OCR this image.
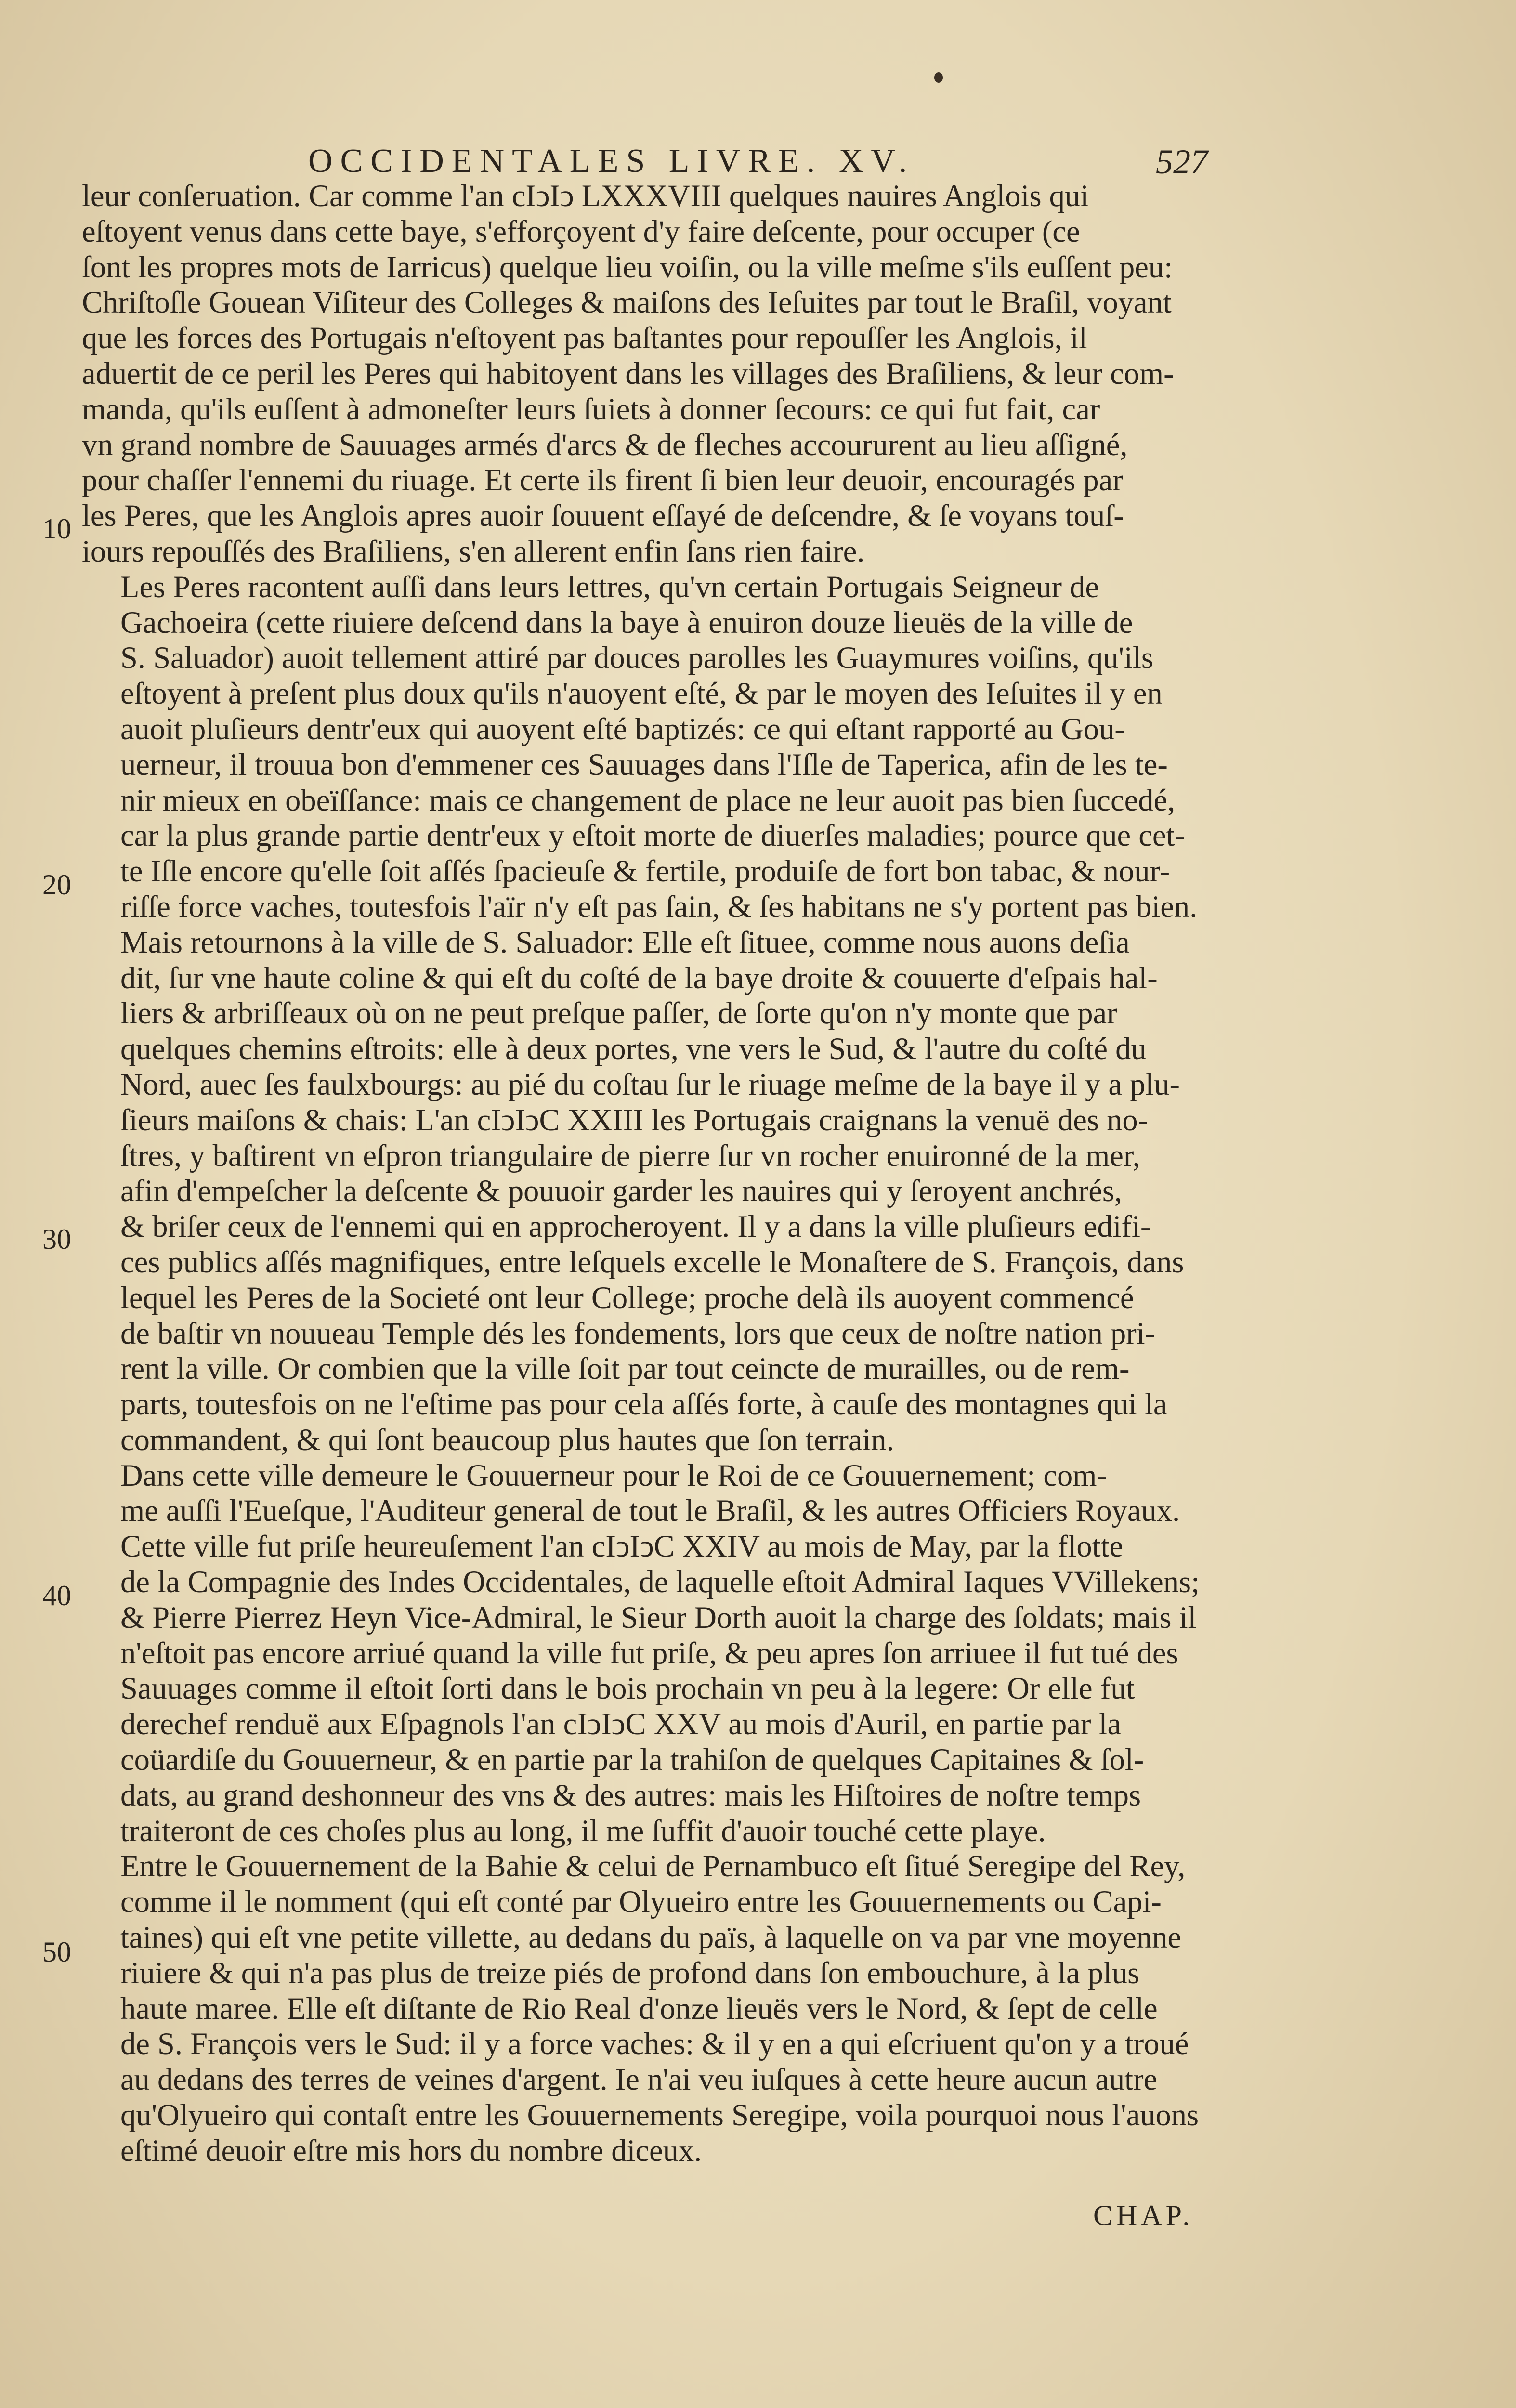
OCCIDENTALES LIVRE. XV.	527
10
20
30
40
50

leur conſeruation. Car comme l'an cIↄIↄ LXXXVIII quelques nauires Anglois qui
eſtoyent venus dans cette baye, s'efforçoyent d'y faire deſcente, pour occuper (ce
ſont les propres mots de Iarricus) quelque lieu voiſin, ou la ville meſme s'ils euſſent peu:
Chriſtoſle Gouean Viſiteur des Colleges & maiſons des Ieſuites par tout le Braſil, voyant
que les forces des Portugais n'eſtoyent pas baſtantes pour repouſſer les Anglois, il
aduertit de ce peril les Peres qui habitoyent dans les villages des Braſiliens, & leur com-
manda, qu'ils euſſent à admoneſter leurs ſuiets à donner ſecours: ce qui fut fait, car
vn grand nombre de Sauuages armés d'arcs & de fleches accoururent au lieu aſſigné,
pour chaſſer l'ennemi du riuage. Et certe ils firent ſi bien leur deuoir, encouragés par
les Peres, que les Anglois apres auoir ſouuent eſſayé de deſcendre, & ſe voyans touſ-
iours repouſſés des Braſiliens, s'en allerent enfin ſans rien faire.

Les Peres racontent auſſi dans leurs lettres, qu'vn certain Portugais Seigneur de
Gachoeira (cette riuiere deſcend dans la baye à enuiron douze lieuës de la ville de
S. Saluador) auoit tellement attiré par douces parolles les Guaymures voiſins, qu'ils
eſtoyent à preſent plus doux qu'ils n'auoyent eſté, & par le moyen des Ieſuites il y en
auoit pluſieurs dentr'eux qui auoyent eſté baptizés: ce qui eſtant rapporté au Gou-
uerneur, il trouua bon d'emmener ces Sauuages dans l'Iſle de Taperica, afin de les te-
nir mieux en obeïſſance: mais ce changement de place ne leur auoit pas bien ſuccedé,
car la plus grande partie dentr'eux y eſtoit morte de diuerſes maladies; pource que cet-
te Iſle encore qu'elle ſoit aſſés ſpacieuſe & fertile, produiſe de fort bon tabac, & nour-
riſſe force vaches, toutesfois l'aïr n'y eſt pas ſain, & ſes habitans ne s'y portent pas bien.

Mais retournons à la ville de S. Saluador: Elle eſt ſituee, comme nous auons deſia
dit, ſur vne haute coline & qui eſt du coſté de la baye droite & couuerte d'eſpais hal-
liers & arbriſſeaux où on ne peut preſque paſſer, de ſorte qu'on n'y monte que par
quelques chemins eſtroits: elle à deux portes, vne vers le Sud, & l'autre du coſté du
Nord, auec ſes faulxbourgs: au pié du coſtau ſur le riuage meſme de la baye il y a plu-
ſieurs maiſons & chais: L'an cIↄIↄC XXIII les Portugais craignans la venuë des no-
ſtres, y baſtirent vn eſpron triangulaire de pierre ſur vn rocher enuironné de la mer,
afin d'empeſcher la deſcente & pouuoir garder les nauires qui y ſeroyent anchrés,
& briſer ceux de l'ennemi qui en approcheroyent. Il y a dans la ville pluſieurs edifi-
ces publics aſſés magnifiques, entre leſquels excelle le Monaſtere de S. François, dans
lequel les Peres de la Societé ont leur College; proche delà ils auoyent commencé
de baſtir vn nouueau Temple dés les fondements, lors que ceux de noſtre nation pri-
rent la ville. Or combien que la ville ſoit par tout ceincte de murailles, ou de rem-
parts, toutesfois on ne l'eſtime pas pour cela aſſés forte, à cauſe des montagnes qui la
commandent, & qui ſont beaucoup plus hautes que ſon terrain.

Dans cette ville demeure le Gouuerneur pour le Roi de ce Gouuernement; com-
me auſſi l'Eueſque, l'Auditeur general de tout le Braſil, & les autres Officiers Royaux.

Cette ville fut priſe heureuſement l'an cIↄIↄC XXIV au mois de May, par la flotte
de la Compagnie des Indes Occidentales, de laquelle eſtoit Admiral Iaques VVillekens;
& Pierre Pierrez Heyn Vice-Admiral, le Sieur Dorth auoit la charge des ſoldats; mais il
n'eſtoit pas encore arriué quand la ville fut priſe, & peu apres ſon arriuee il fut tué des
Sauuages comme il eſtoit ſorti dans le bois prochain vn peu à la legere: Or elle fut
derechef renduë aux Eſpagnols l'an cIↄIↄC XXV au mois d'Auril, en partie par la
coüardiſe du Gouuerneur, & en partie par la trahiſon de quelques Capitaines & ſol-
dats, au grand deshonneur des vns & des autres: mais les Hiſtoires de noſtre temps
traiteront de ces choſes plus au long, il me ſuffit d'auoir touché cette playe.

Entre le Gouuernement de la Bahie & celui de Pernambuco eſt ſitué Seregipe del Rey,
comme il le nomment (qui eſt conté par Olyueiro entre les Gouuernements ou Capi-
taines) qui eſt vne petite villette, au dedans du païs, à laquelle on va par vne moyenne
riuiere & qui n'a pas plus de treize piés de profond dans ſon embouchure, à la plus
haute maree. Elle eſt diſtante de Rio Real d'onze lieuës vers le Nord, & ſept de celle
de S. François vers le Sud: il y a force vaches: & il y en a qui eſcriuent qu'on y a troué
au dedans des terres de veines d'argent. Ie n'ai veu iuſques à cette heure aucun autre
qu'Olyueiro qui contaſt entre les Gouuernements Seregipe, voila pourquoi nous l'auons
eſtimé deuoir eſtre mis hors du nombre diceux.

CHAP.
